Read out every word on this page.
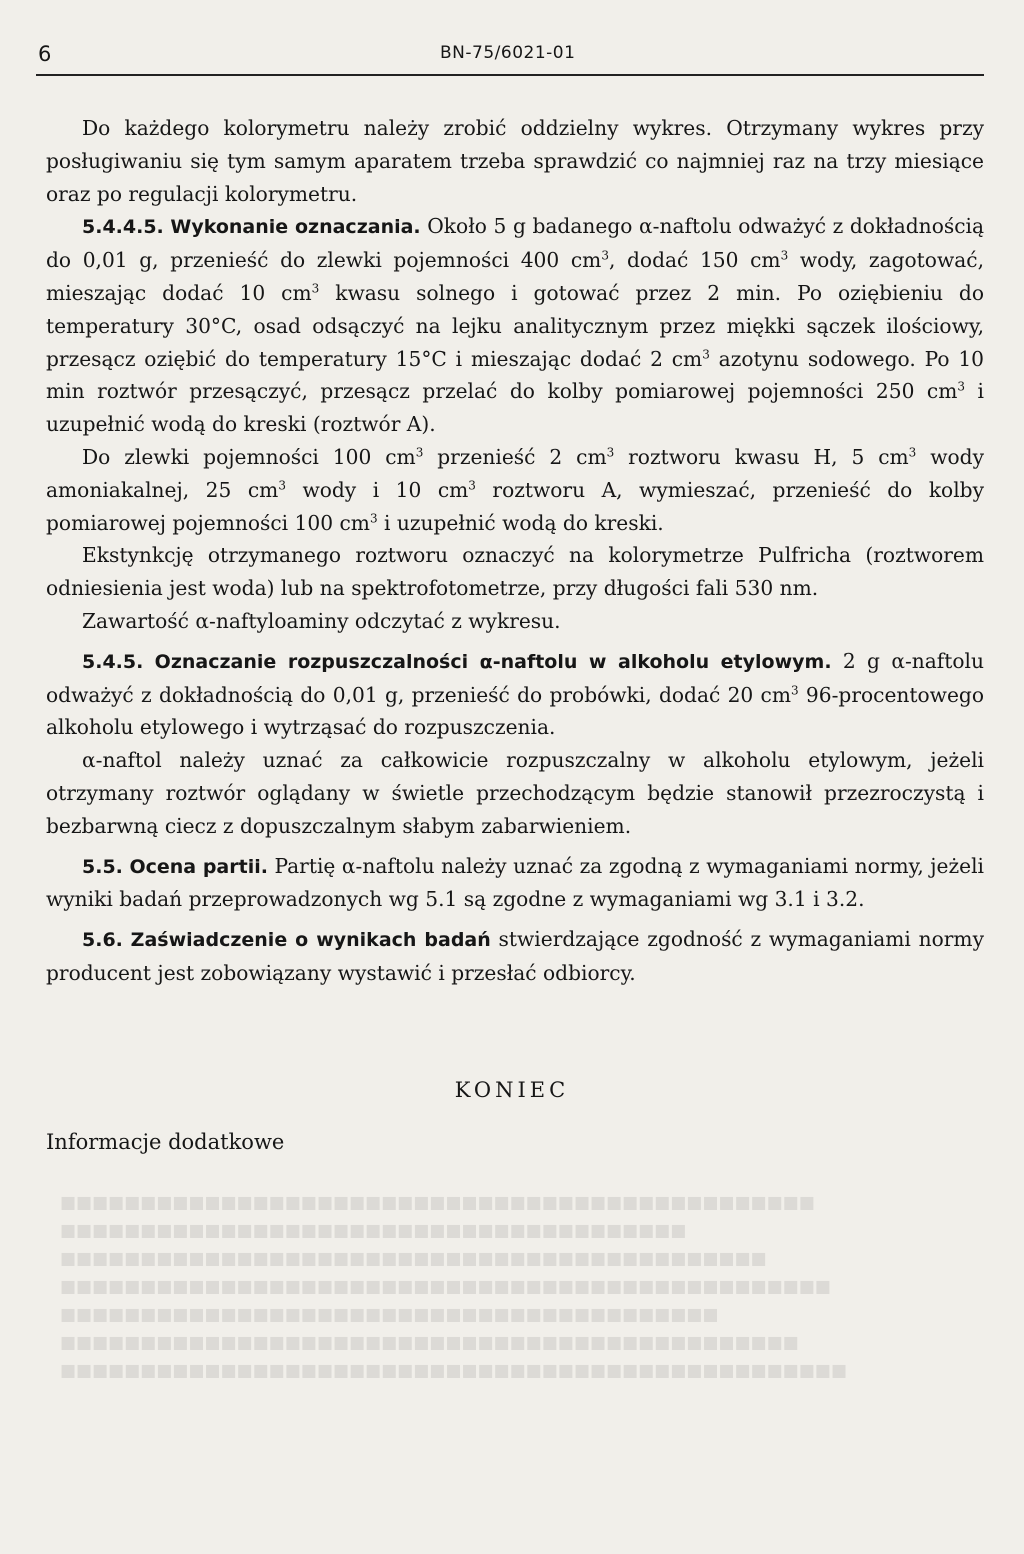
6	BN-75/6021-01

Do każdego kolorymetru należy zrobić oddzielny wykres. Otrzymany wykres przy posługiwaniu się tym samym aparatem trzeba sprawdzić co najmniej raz na trzy miesiące oraz po regulacji kolorymetru.

5.4.4.5. Wykonanie oznaczania. Około 5 g badanego α-naftolu odważyć z dokładnością do 0,01 g, przenieść do zlewki pojemności 400 $cm^3$, dodać 150 $cm^3$ wody, zagotować, mieszając dodać 10 $cm^3$ kwasu solnego i gotować przez 2 min. Po oziębieniu do temperatury 30°C, osad odsączyć na lejku analitycznym przez miękki sączek ilościowy, przesącz oziębić do temperatury 15°C i mieszając dodać 2 $cm^3$ azotynu sodowego. Po 10 min roztwór przesączyć, przesącz przelać do kolby pomiarowej pojemności 250 $cm^3$ i uzupełnić wodą do kreski (roztwór A).

Do zlewki pojemności 100 $cm^3$ przenieść 2 $cm^3$ roztworu kwasu H, 5 $cm^3$ wody amoniakalnej, 25 $cm^3$ wody i 10 $cm^3$ roztworu A, wymieszać, przenieść do kolby pomiarowej pojemności 100 $cm^3$ i uzupełnić wodą do kreski.

Ekstynkcję otrzymanego roztworu oznaczyć na kolorymetrze Pulfricha (roztworem odniesienia jest woda) lub na spektrofotometrze, przy długości fali 530 nm.

Zawartość α-naftyloaminy odczytać z wykresu.

5.4.5. Oznaczanie rozpuszczalności α-naftolu w alkoholu etylowym. 2 g α-naftolu odważyć z dokładnością do 0,01 g, przenieść do probówki, dodać 20 $cm^3$ 96-procentowego alkoholu etylowego i wytrząsać do rozpuszczenia.

α-naftol należy uznać za całkowicie rozpuszczalny w alkoholu etylowym, jeżeli otrzymany roztwór oglądany w świetle przechodzącym będzie stanowił przezroczystą i bezbarwną ciecz z dopuszczalnym słabym zabarwieniem.

5.5. Ocena partii. Partię α-naftolu należy uznać za zgodną z wymaganiami normy, jeżeli wyniki badań przeprowadzonych wg 5.1 są zgodne z wymaganiami wg 3.1 i 3.2.

5.6. Zaświadczenie o wynikach badań stwierdzające zgodność z wymaganiami normy producent jest zobowiązany wystawić i przesłać odbiorcy.

KONIEC
Informacje dodatkowe

■■■■■■■■■■■■■■■■■■■■■■■■■■■■■■■■■■■■■■■■■■■■■■■■■

■■■■■■■■■■■■■■■■■■■■■■■■■■■■■■■■■■■■■■■■■■■■■■

■■■■■■■■■■■■■■■■■■■■■■■■■■■■■■■■■■■■■■■■■

■■■■■■■■■■■■■■■■■■■■■■■■■■■■■■■■■■■■■■■■■■■■■■■■

■■■■■■■■■■■■■■■■■■■■■■■■■■■■■■■■■■■■■■■■■■■■

■■■■■■■■■■■■■■■■■■■■■■■■■■■■■■■■■■■■■■■

■■■■■■■■■■■■■■■■■■■■■■■■■■■■■■■■■■■■■■■■■■■■■■■
